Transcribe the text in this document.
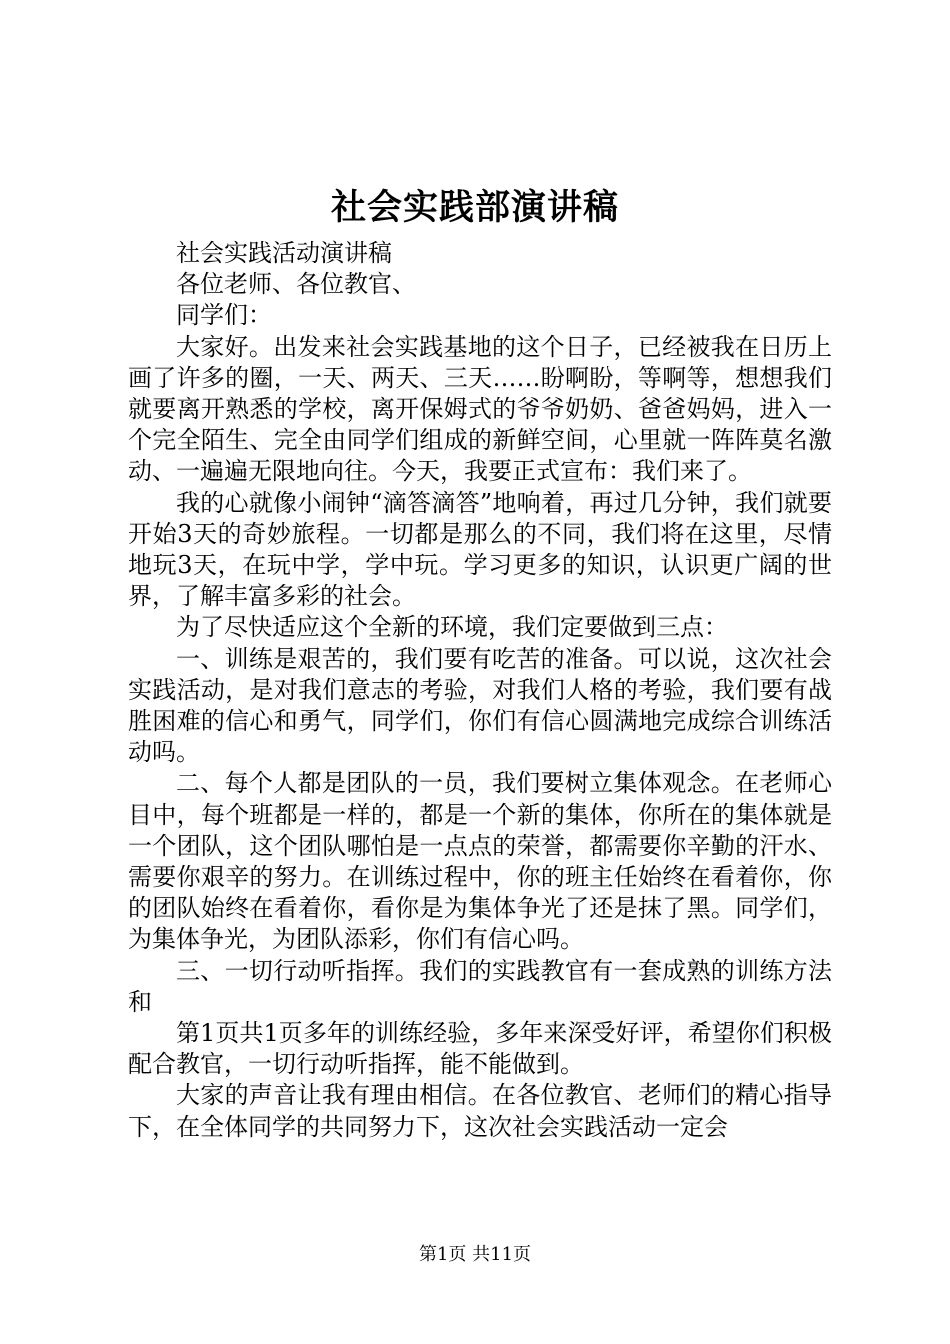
社会实践部演讲稿

社会实践活动演讲稿

各位老师、各位教官、

同学们：

大家好。出发来社会实践基地的这个日子，已经被我在日历上画了许多的圈，一天、两天、三天……盼啊盼，等啊等，想想我们就要离开熟悉的学校，离开保姆式的爷爷奶奶、爸爸妈妈，进入一个完全陌生、完全由同学们组成的新鲜空间，心里就一阵阵莫名激动、一遍遍无限地向往。今天，我要正式宣布：我们来了。

我的心就像小闹钟“滴答滴答”地响着，再过几分钟，我们就要开始3天的奇妙旅程。一切都是那么的不同，我们将在这里，尽情地玩3天，在玩中学，学中玩。学习更多的知识，认识更广阔的世界，了解丰富多彩的社会。

为了尽快适应这个全新的环境，我们定要做到三点：

一、训练是艰苦的，我们要有吃苦的准备。可以说，这次社会实践活动，是对我们意志的考验，对我们人格的考验，我们要有战胜困难的信心和勇气，同学们，你们有信心圆满地完成综合训练活动吗。

二、每个人都是团队的一员，我们要树立集体观念。在老师心目中，每个班都是一样的，都是一个新的集体，你所在的集体就是一个团队，这个团队哪怕是一点点的荣誉，都需要你辛勤的汗水、需要你艰辛的努力。在训练过程中，你的班主任始终在看着你，你的团队始终在看着你，看你是为集体争光了还是抹了黑。同学们，为集体争光，为团队添彩，你们有信心吗。

三、一切行动听指挥。我们的实践教官有一套成熟的训练方法和

第1页共1页多年的训练经验，多年来深受好评，希望你们积极配合教官，一切行动听指挥，能不能做到。

大家的声音让我有理由相信。在各位教官、老师们的精心指导下，在全体同学的共同努力下，这次社会实践活动一定会

第1页 共11页
